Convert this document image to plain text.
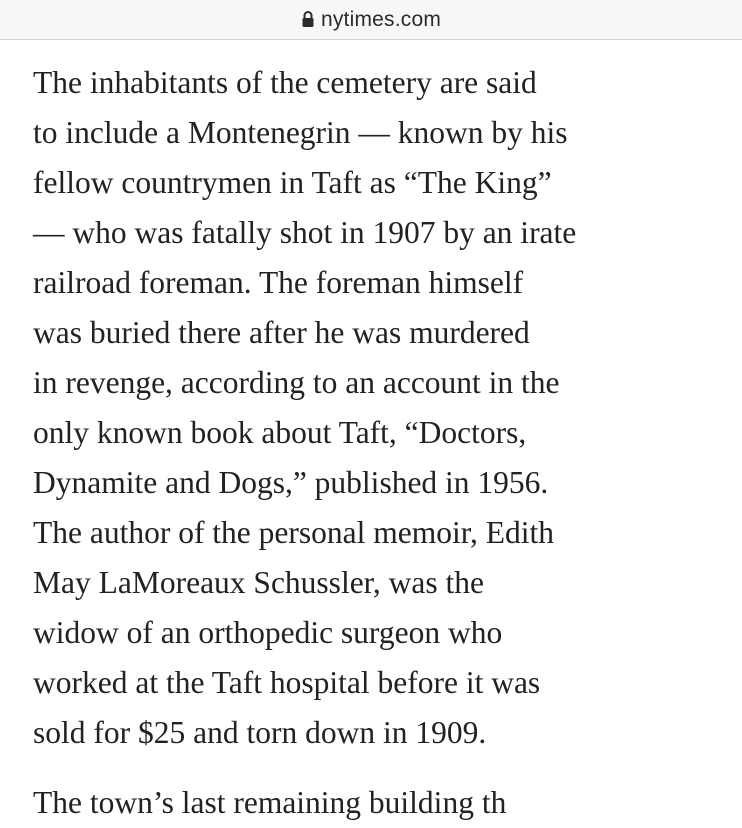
nytimes.com

The inhabitants of the cemetery are said
to include a Montenegrin — known by his
fellow countrymen in Taft as “The King”
— who was fatally shot in 1907 by an irate
railroad foreman. The foreman himself
was buried there after he was murdered
in revenge, according to an account in the
only known book about Taft, “Doctors,
Dynamite and Dogs,” published in 1956.
The author of the personal memoir, Edith
May LaMoreaux Schussler, was the
widow of an orthopedic surgeon who
worked at the Taft hospital before it was
sold for $25 and torn down in 1909.

The town’s last remaining building th
